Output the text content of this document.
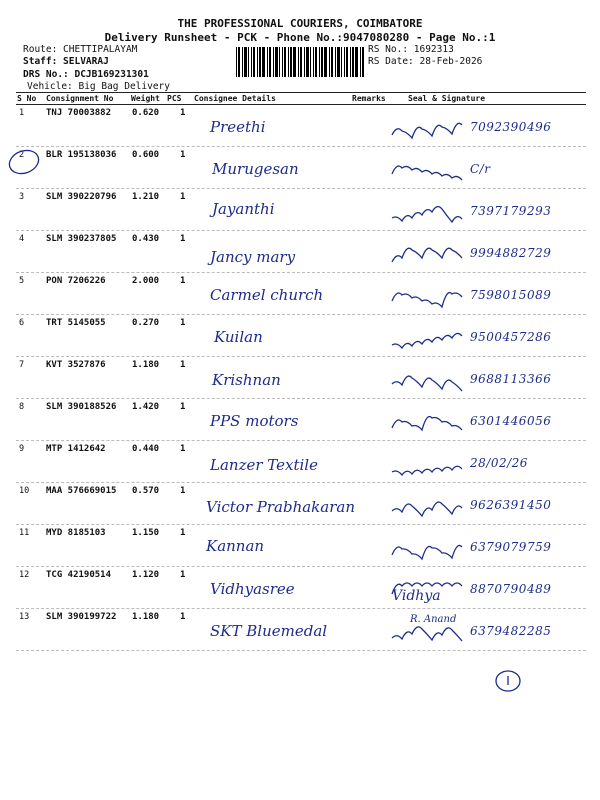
THE PROFESSIONAL COURIERS, COIMBATORE
Delivery Runsheet - PCK - Phone No.:9047080280 - Page No.:1
Route: CHETTIPALAYAM
Staff: SELVARAJ
DRS No.: DCJB169231301
Vehicle: Big Bag Delivery
RS No.: 1692313
RS Date: 28-Feb-2026
S No Consignment No Weight PCS Consignee Details	Remarks	Seal & Signature
1 TNJ 70003882 0.620 1
Preethi	7092390496
2 BLR 195138036 0.600 1
Murugesan	C/r
3 SLM 390220796 1.210 1
Jayanthi	7397179293
4 SLM 390237805 0.430 1
Jancy mary	9994882729
5 PON 7206226	2.000 1
Carmel church	7598015089
6 TRT 5145055	0.270 1
Kuilan	9500457286
7 KVT 3527876	1.180 1
Krishnan	9688113366
8 SLM 390188526 1.420 1
PPS motors	6301446056
9 MTP 1412642	0.440 1
Lanzer Textile	28/02/26
10 MAA 576669015 0.570 1
Victor Prabhakaran	9626391450
11 MYD 8185103	1.150 1
Kannan	6379079759
12 TCG 42190514 1.120 1
Vidhyasree	8870790489
13 SLM 390199722 1.180 1
SKT Bluemedal	6379482285
R. Anand
Vidhya
